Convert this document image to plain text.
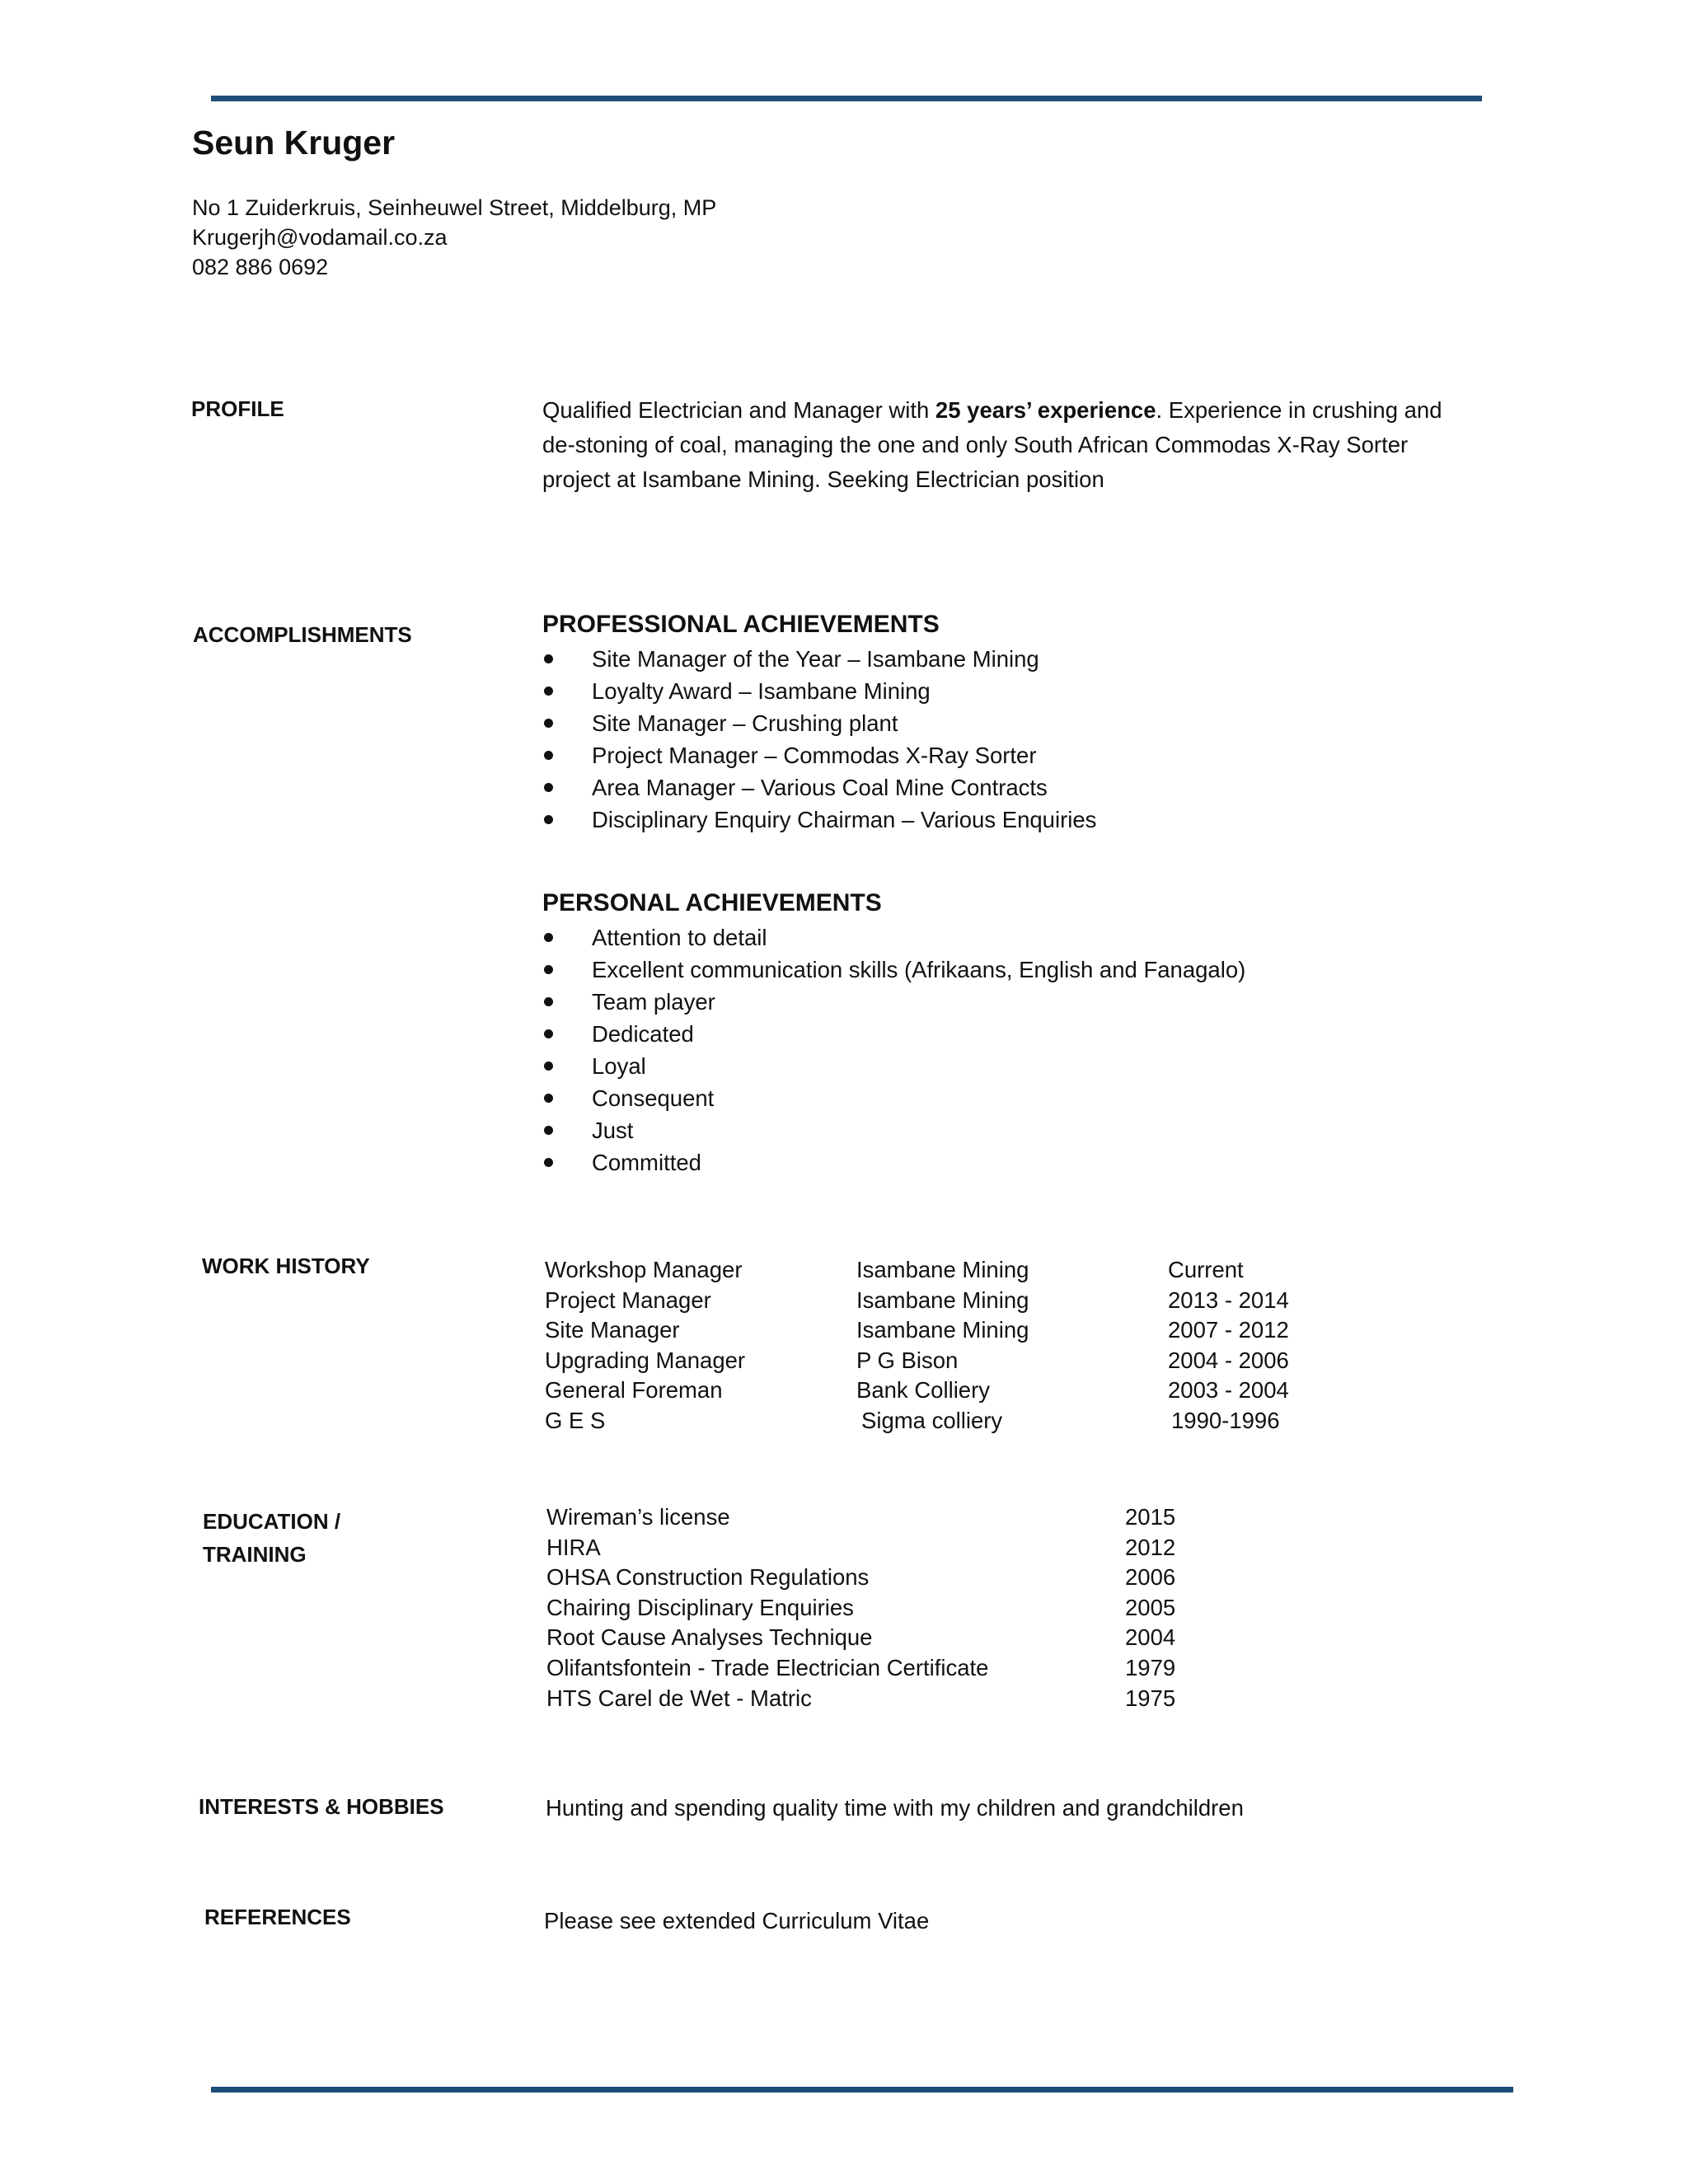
Seun Kruger
No 1 Zuiderkruis, Seinheuwel Street, Middelburg, MP
Krugerjh@vodamail.co.za
082 886 0692
PROFILE	Qualified Electrician and Manager with 25 years’ experience. Experience in crushing and de-stoning of coal, managing the one and only South African Commodas X-Ray Sorter project at Isambane Mining. Seeking Electrician position
ACCOMPLISHMENTS	PROFESSIONAL ACHIEVEMENTS
Site Manager of the Year – Isambane Mining
Loyalty Award – Isambane Mining
Site Manager – Crushing plant
Project Manager – Commodas X-Ray Sorter
Area Manager – Various Coal Mine Contracts
Disciplinary Enquiry Chairman – Various Enquiries
PERSONAL ACHIEVEMENTS
Attention to detail
Excellent communication skills (Afrikaans, English and Fanagalo)
Team player
Dedicated
Loyal
Consequent
Just
Committed
WORK HISTORY	Workshop Manager	Isambane Mining	Current
Project Manager	Isambane Mining	2013 - 2014
Site Manager	Isambane Mining	2007 - 2012
Upgrading Manager	P G Bison	2004 - 2006
General Foreman	Bank Colliery	2003 - 2004
G E S	Sigma colliery	1990-1996
EDUCATION /
TRAINING
Wireman’s license	2015
HIRA	2012
OHSA Construction Regulations	2006
Chairing Disciplinary Enquiries	2005
Root Cause Analyses Technique	2004
Olifantsfontein - Trade Electrician Certificate	1979
HTS Carel de Wet - Matric	1975
INTERESTS & HOBBIES	Hunting and spending quality time with my children and grandchildren
REFERENCES	Please see extended Curriculum Vitae
